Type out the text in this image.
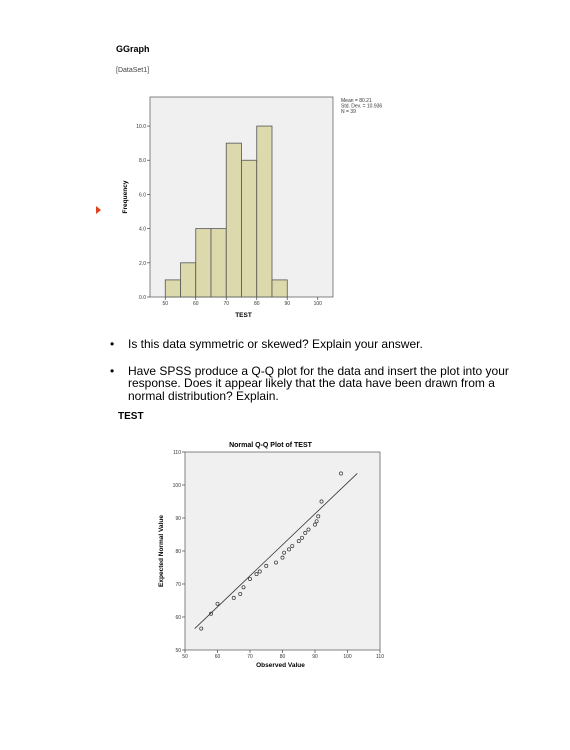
GGraph
[DataSet1]
0.0
2.0
4.0
6.0
8.0
10.0
50	60	70	80	90	100
TEST
Frequency
Mean = 80.21
Std. Dev. = 10.936
N = 39
• Is this data symmetric or skewed? Explain your answer.
• Have SPSS produce a Q-Q plot for the data and insert the plot into your response. Does it appear likely that the data have been drawn from a normal distribution? Explain.
TEST
Normal Q-Q Plot of TEST
50
60
70
80
90
100
110
50	60	70	80	90	100	110
Observed Value
Expected Normal Value
